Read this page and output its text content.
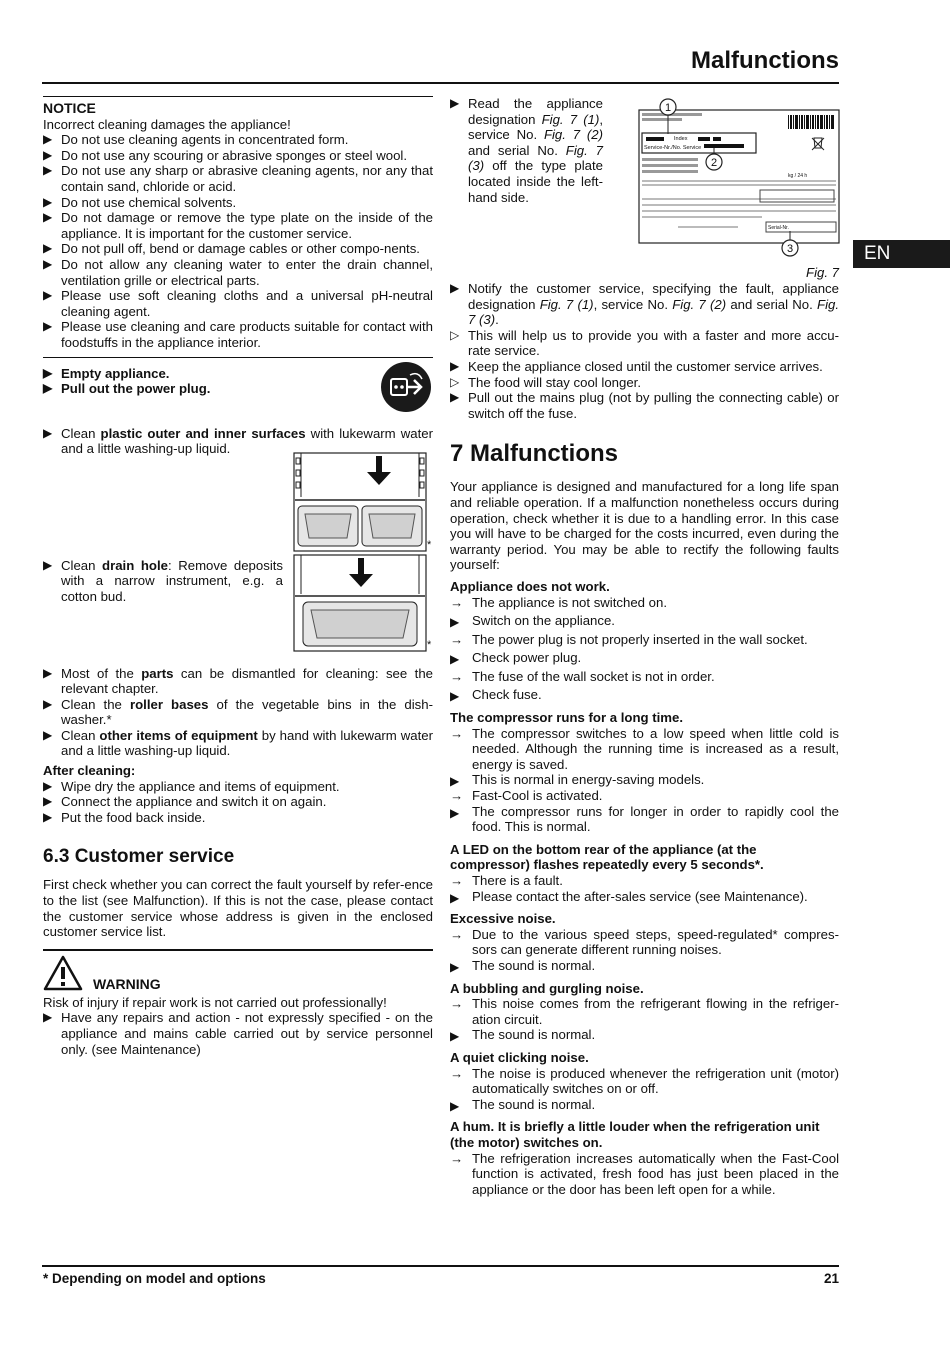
Malfunctions
EN
NOTICE
Incorrect cleaning damages the appliance!
▶ Do not use cleaning agents in concentrated form.
▶ Do not use any scouring or abrasive sponges or steel wool.
▶ Do not use any sharp or abrasive cleaning agents, nor any that contain sand, chloride or acid.
▶ Do not use chemical solvents.
▶ Do not damage or remove the type plate on the inside of the appliance. It is important for the customer service.
▶ Do not pull off, bend or damage cables or other compo-nents.
▶ Do not allow any cleaning water to enter the drain channel, ventilation grille or electrical parts.
▶ Please use soft cleaning cloths and a universal pH-neutral cleaning agent.
▶ Please use cleaning and care products suitable for contact with foodstuffs in the appliance interior.
▶ Empty appliance.
▶ Pull out the power plug.
▶ Clean plastic outer and inner surfaces with lukewarm water and a little washing-up liquid.
*
▶ Clean drain hole: Remove deposits with a narrow instrument, e.g. a cotton bud.
*
▶ Most of the parts can be dismantled for cleaning: see the relevant chapter.
▶ Clean the roller bases of the vegetable bins in the dish-washer.*
▶ Clean other items of equipment by hand with lukewarm water and a little washing-up liquid.
After cleaning:
▶ Wipe dry the appliance and items of equipment.
▶ Connect the appliance and switch it on again.
▶ Put the food back inside.
6.3 Customer service
First check whether you can correct the fault yourself by refer-ence to the list (see Malfunction). If this is not the case, please contact the customer service whose address is given in the enclosed customer service list.
WARNING
Risk of injury if repair work is not carried out professionally!
▶ Have any repairs and action - not expressly specified - on the appliance and mains cable carried out by service personnel only. (see Maintenance)
▶ Read the appliance designation Fig. 7 (1), service No. Fig. 7 (2) and serial No. Fig. 7 (3) off the type plate located inside the left-hand side.
Index
Service-Nr./No. Service
kg / 24 h
Serial-Nr.
1
2
3
Fig. 7
▶ Notify the customer service, specifying the fault, appliance designation Fig. 7 (1), service No. Fig. 7 (2) and serial No. Fig. 7 (3).
▷ This will help us to provide you with a faster and more accu-rate service.
▶ Keep the appliance closed until the customer service arrives.
▷ The food will stay cool longer.
▶ Pull out the mains plug (not by pulling the connecting cable) or switch off the fuse.
7 Malfunctions
Your appliance is designed and manufactured for a long life span and reliable operation. If a malfunction nonetheless occurs during operation, check whether it is due to a handling error. In this case you will have to be charged for the costs incurred, even during the warranty period. You may be able to rectify the following faults yourself:
Appliance does not work.
→ The appliance is not switched on.
▶ Switch on the appliance.
→ The power plug is not properly inserted in the wall socket.
▶ Check power plug.
→ The fuse of the wall socket is not in order.
▶ Check fuse.
The compressor runs for a long time.
→ The compressor switches to a low speed when little cold is needed. Although the running time is increased as a result, energy is saved.
▶ This is normal in energy-saving models.
→ Fast-Cool is activated.
▶ The compressor runs for longer in order to rapidly cool the food. This is normal.
A LED on the bottom rear of the appliance (at the compressor) flashes repeatedly every 5 seconds*.
→ There is a fault.
▶ Please contact the after-sales service (see Maintenance).
Excessive noise.
→ Due to the various speed steps, speed-regulated* compres-sors can generate different running noises.
▶ The sound is normal.
A bubbling and gurgling noise.
→ This noise comes from the refrigerant flowing in the refriger-ation circuit.
▶ The sound is normal.
A quiet clicking noise.
→ The noise is produced whenever the refrigeration unit (motor) automatically switches on or off.
▶ The sound is normal.
A hum. It is briefly a little louder when the refrigeration unit (the motor) switches on.
→ The refrigeration increases automatically when the Fast-Cool function is activated, fresh food has just been placed in the appliance or the door has been left open for a while.
* Depending on model and options	21
